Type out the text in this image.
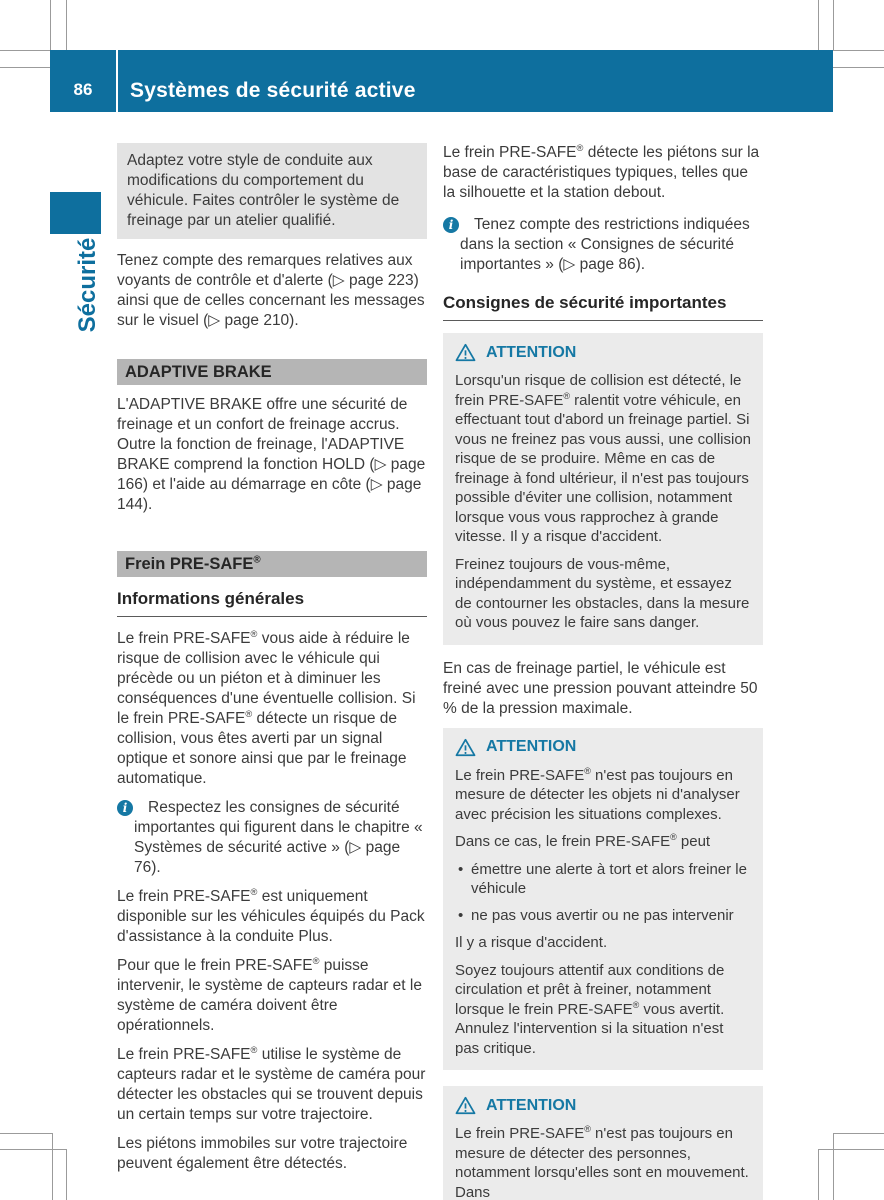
86	Systèmes de sécurité active
Sécurité

Adaptez votre style de conduite aux modifications du comportement du véhicule. Faites contrôler le système de freinage par un atelier qualifié.

Tenez compte des remarques relatives aux voyants de contrôle et d'alerte (▷ page 223) ainsi que de celles concernant les messages sur le visuel (▷ page 210).

ADAPTIVE BRAKE

L'ADAPTIVE BRAKE offre une sécurité de freinage et un confort de freinage accrus. Outre la fonction de freinage, l'ADAPTIVE BRAKE comprend la fonction HOLD (▷ page 166) et l'aide au démarrage en côte (▷ page 144).

Frein PRE-SAFE®
Informations générales

Le frein PRE-SAFE® vous aide à réduire le risque de collision avec le véhicule qui précède ou un piéton et à diminuer les conséquences d'une éventuelle collision. Si le frein PRE-SAFE® détecte un risque de collision, vous êtes averti par un signal optique et sonore ainsi que par le freinage automatique.

i	Respectez les consignes de sécurité importantes qui figurent dans le chapitre « Systèmes de sécurité active » (▷ page 76).

Le frein PRE-SAFE® est uniquement disponible sur les véhicules équipés du Pack d'assistance à la conduite Plus.

Pour que le frein PRE-SAFE® puisse intervenir, le système de capteurs radar et le système de caméra doivent être opérationnels.

Le frein PRE-SAFE® utilise le système de capteurs radar et le système de caméra pour détecter les obstacles qui se trouvent depuis un certain temps sur votre trajectoire.

Les piétons immobiles sur votre trajectoire peuvent également être détectés.

Le frein PRE-SAFE® détecte les piétons sur la base de caractéristiques typiques, telles que la silhouette et la station debout.

i	Tenez compte des restrictions indiquées dans la section « Consignes de sécurité importantes » (▷ page 86).
Consignes de sécurité importantes
ATTENTION

Lorsqu'un risque de collision est détecté, le frein PRE-SAFE® ralentit votre véhicule, en effectuant tout d'abord un freinage partiel. Si vous ne freinez pas vous aussi, une collision risque de se produire. Même en cas de freinage à fond ultérieur, il n'est pas toujours possible d'éviter une collision, notamment lorsque vous vous rapprochez à grande vitesse. Il y a risque d'accident.

Freinez toujours de vous-même, indépendamment du système, et essayez de contourner les obstacles, dans la mesure où vous pouvez le faire sans danger.

En cas de freinage partiel, le véhicule est freiné avec une pression pouvant atteindre 50 % de la pression maximale.

ATTENTION

Le frein PRE-SAFE® n'est pas toujours en mesure de détecter les objets ni d'analyser avec précision les situations complexes.

Dans ce cas, le frein PRE-SAFE® peut

• émettre une alerte à tort et alors freiner le véhicule
• ne pas vous avertir ou ne pas intervenir

Il y a risque d'accident.

Soyez toujours attentif aux conditions de circulation et prêt à freiner, notamment lorsque le frein PRE-SAFE® vous avertit. Annulez l'intervention si la situation n'est pas critique.

ATTENTION

Le frein PRE-SAFE® n'est pas toujours en mesure de détecter des personnes, notamment lorsqu'elles sont en mouvement. Dans
